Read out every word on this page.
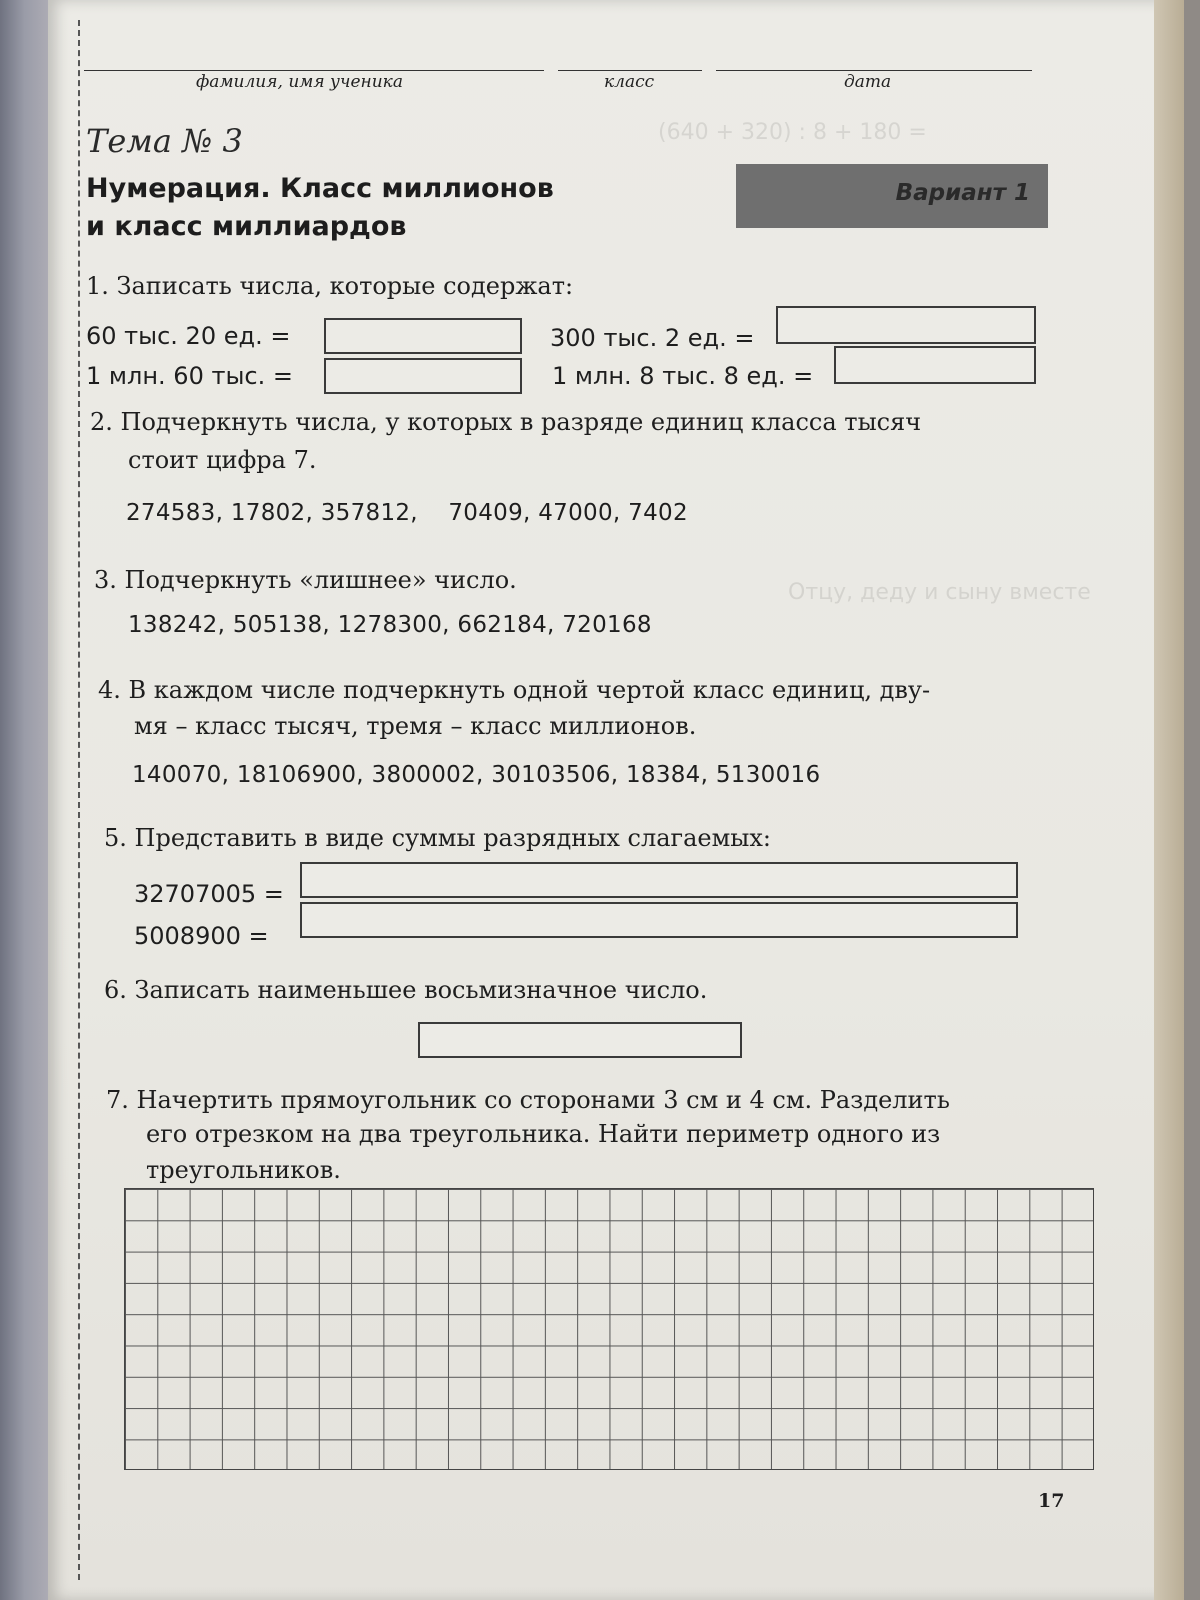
(640 + 320) : 8 + 180 =
Отцу, деду и сыну вместе
фамилия, имя ученика	класс	дата
Тема № 3
Нумерация. Класс миллионов
и класс миллиардов
Вариант 1
1. Записать числа, которые содержат:
60 тыс. 20 ед. =	300 тыс. 2 ед. =
1 млн. 60 тыс. =	1 млн. 8 тыс. 8 ед. =
2. Подчеркнуть числа, у которых в разряде единиц класса тысяч
стоит цифра 7.
274583, 17802, 357812,    70409, 47000, 7402
3. Подчеркнуть «лишнее» число.
138242, 505138, 1278300, 662184, 720168
4. В каждом числе подчеркнуть одной чертой класс единиц, дву-
мя – класс тысяч, тремя – класс миллионов.
140070, 18106900, 3800002, 30103506, 18384, 5130016
5. Представить в виде суммы разрядных слагаемых:
32707005 =
5008900 =
6. Записать наименьшее восьмизначное число.
7. Начертить прямоугольник со сторонами 3 см и 4 см. Разделить
его отрезком на два треугольника. Найти периметр одного из
треугольников.
17
